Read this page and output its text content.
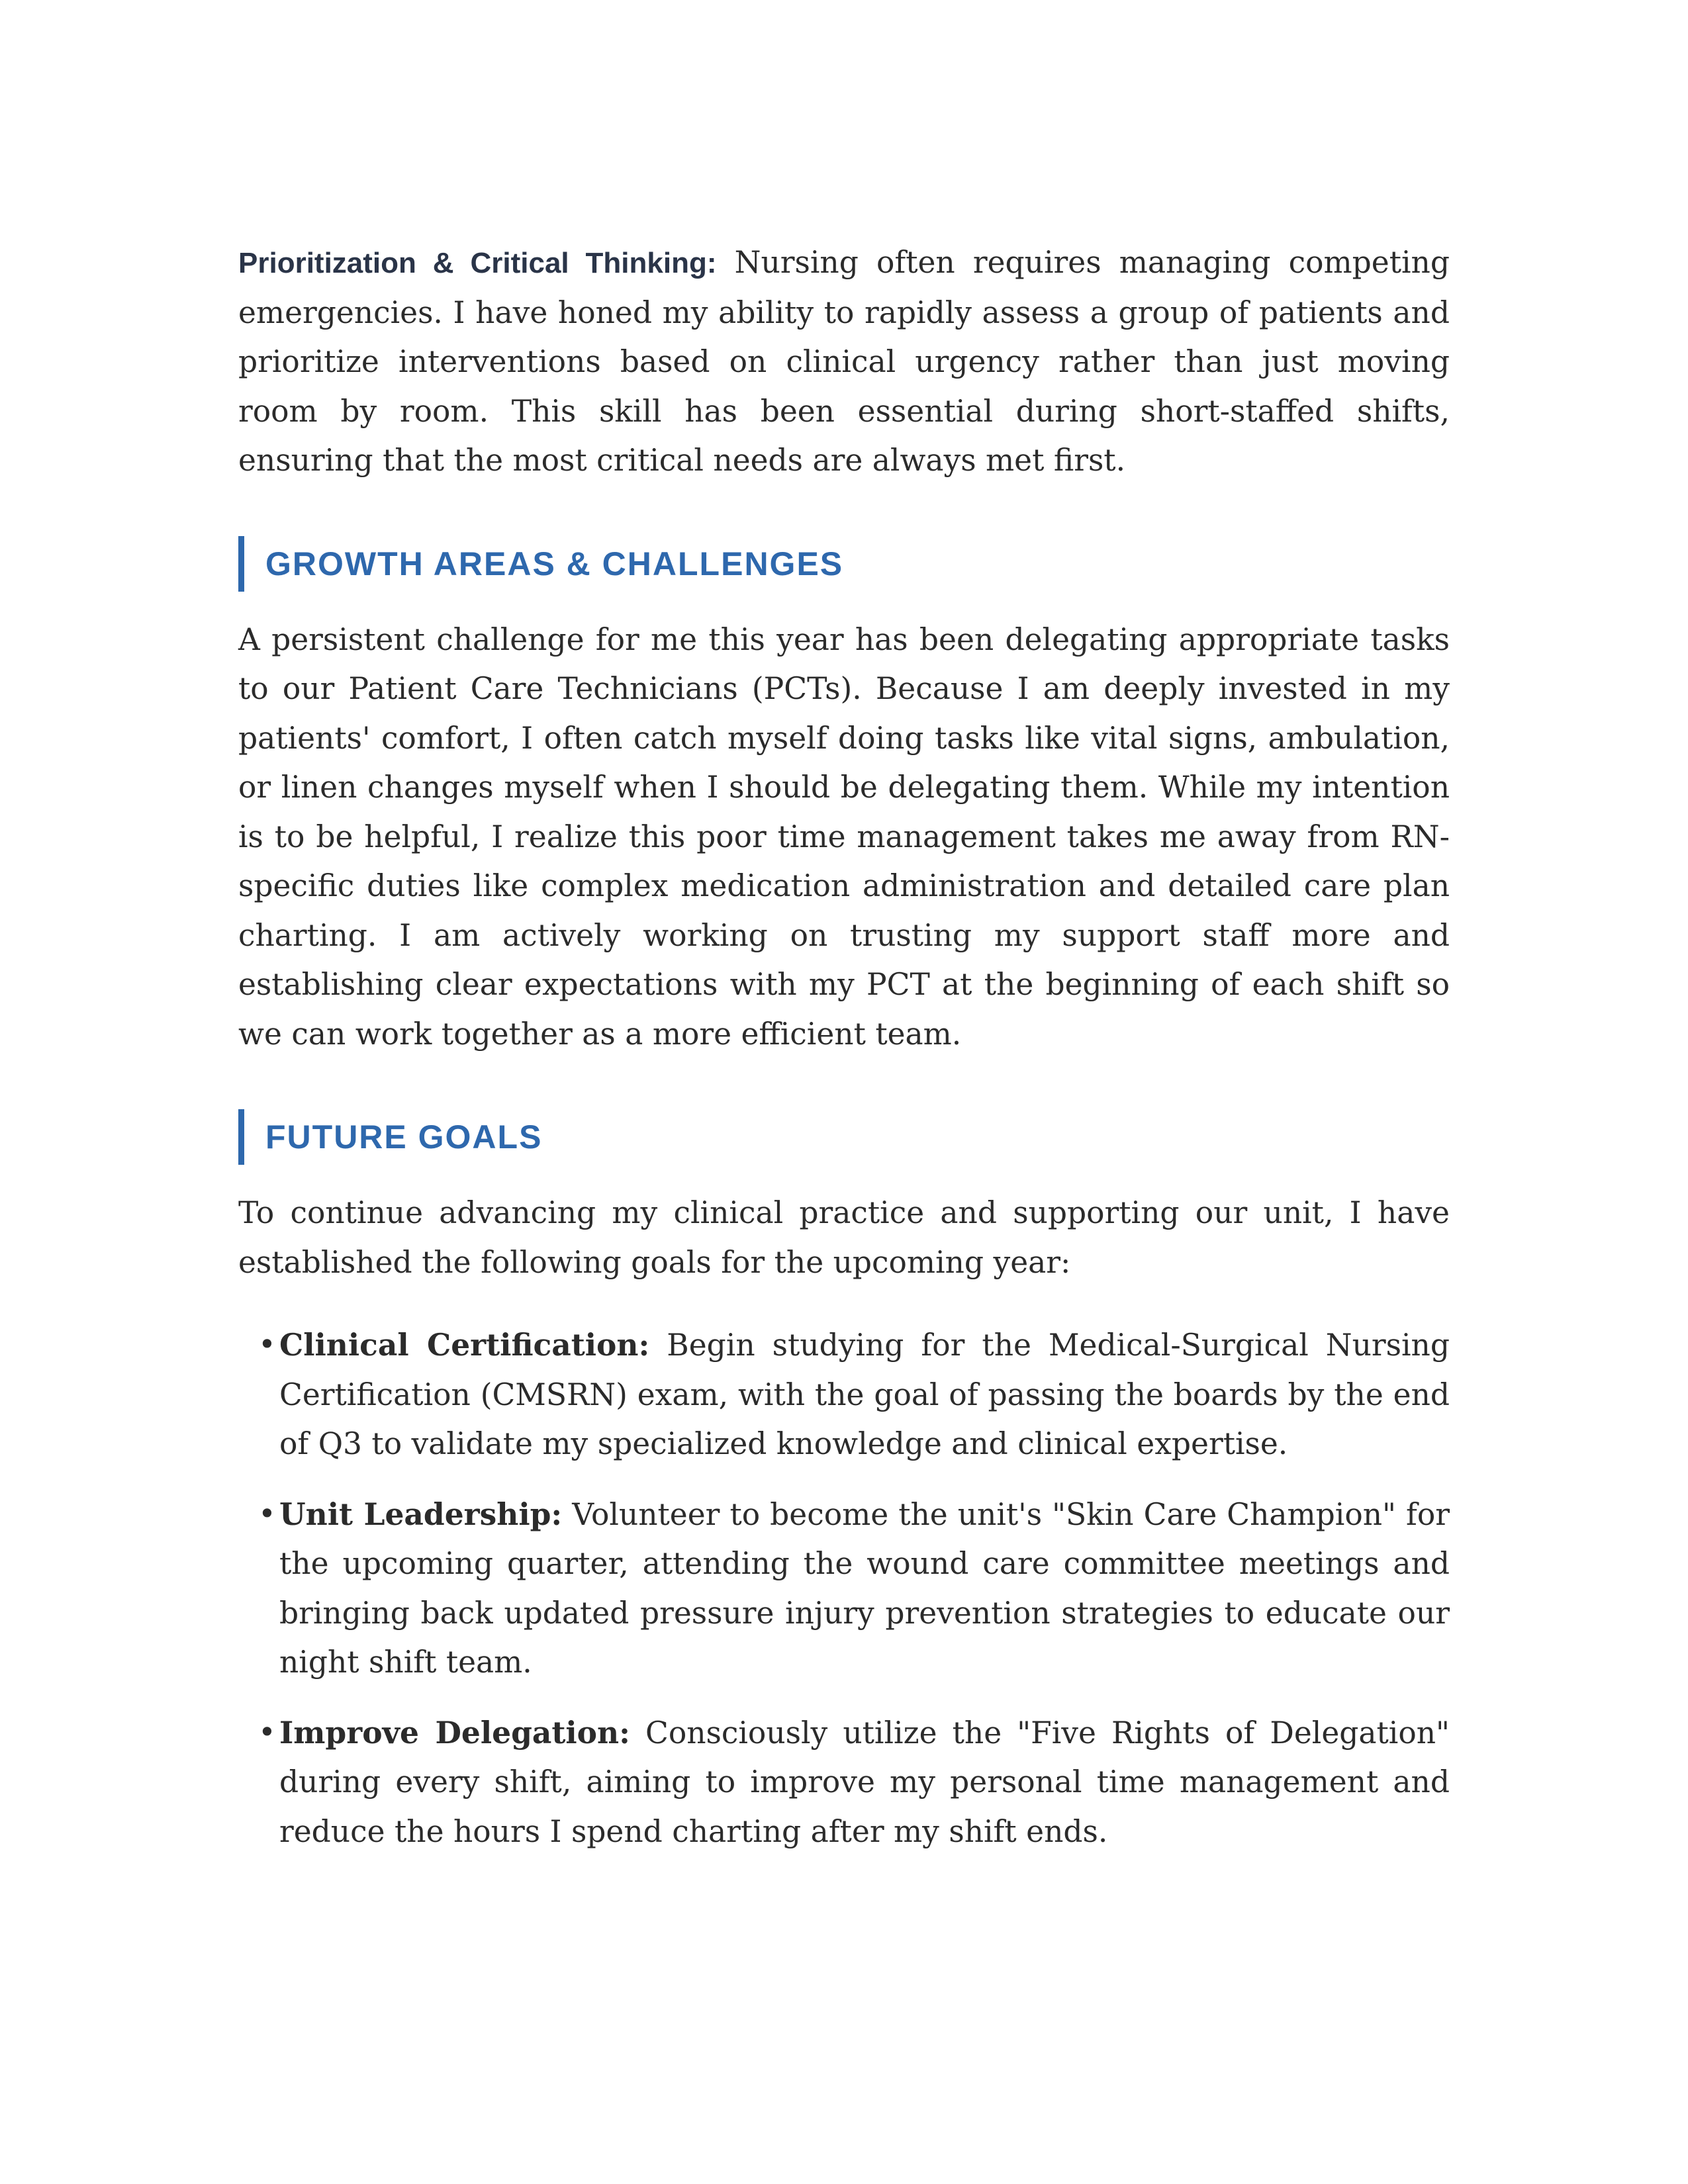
Prioritization & Critical Thinking: Nursing often requires managing competing emergencies. I have honed my ability to rapidly assess a group of patients and prioritize interventions based on clinical urgency rather than just moving room by room. This skill has been essential during short-staffed shifts, ensuring that the most critical needs are always met first.

GROWTH AREAS & CHALLENGES

A persistent challenge for me this year has been delegating appropriate tasks to our Patient Care Technicians (PCTs). Because I am deeply invested in my patients' comfort, I often catch myself doing tasks like vital signs, ambulation, or linen changes myself when I should be delegating them. While my intention is to be helpful, I realize this poor time management takes me away from RN-specific duties like complex medication administration and detailed care plan charting. I am actively working on trusting my support staff more and establishing clear expectations with my PCT at the beginning of each shift so we can work together as a more efficient team.

FUTURE GOALS

To continue advancing my clinical practice and supporting our unit, I have established the following goals for the upcoming year:

• Clinical Certification: Begin studying for the Medical-Surgical Nursing Certification (CMSRN) exam, with the goal of passing the boards by the end of Q3 to validate my specialized knowledge and clinical expertise.
• Unit Leadership: Volunteer to become the unit's "Skin Care Champion" for the upcoming quarter, attending the wound care committee meetings and bringing back updated pressure injury prevention strategies to educate our night shift team.
• Improve Delegation: Consciously utilize the "Five Rights of Delegation" during every shift, aiming to improve my personal time management and reduce the hours I spend charting after my shift ends.
